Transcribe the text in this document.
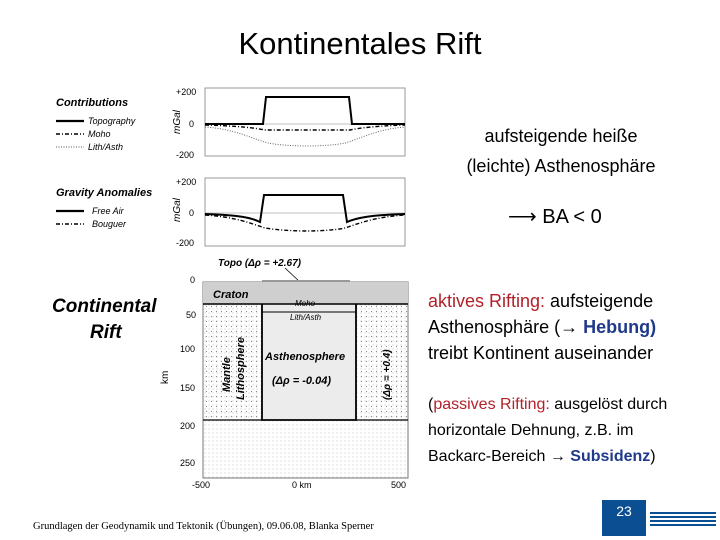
Kontinentales Rift
Contributions
Topography
Moho
Lith/Asth
mGal
+200
0
-200
Gravity Anomalies
Free Air
Bouguer
mGal
+200
0
-200
Continental
Rift
Topo (Δρ = +2.67)
km
0
50
100
150
200
250
Craton
Moho
Lith/Asth
Mantle Lithosphere Asthenosphere
(Δρ = -0.04)	(Δρ = +0.4)
-500	0 km	500
aufsteigende heiße
(leichte) Asthenosphäre
⟶ BA < 0
aktives Rifting: aufsteigende
Asthenosphäre (→ Hebung)
treibt Kontinent auseinander
(passives Rifting: ausgelöst durch
horizontale Dehnung, z.B. im
Backarc-Bereich → Subsidenz)
Grundlagen der Geodynamik und Tektonik (Übungen), 09.06.08, Blanka Sperner
23
